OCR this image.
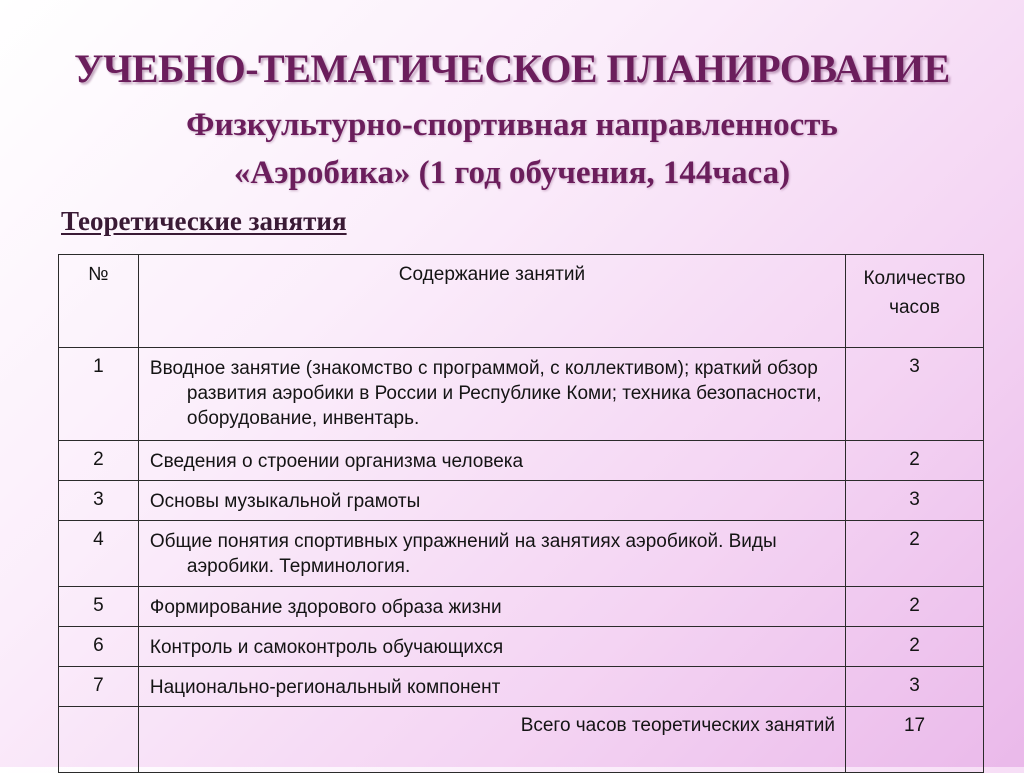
УЧЕБНО-ТЕМАТИЧЕСКОЕ ПЛАНИРОВАНИЕ
Физкультурно-спортивная направленность
«Аэробика» (1 год обучения, 144часа)
Теоретические занятия
№	Содержание занятий	Количество часов

1	Вводное занятие (знакомство с программой, с коллективом); краткий обзор развития аэробики в России и Республике Коми; техника безопасности, оборудование, инвентарь.	3
2	Сведения о строении организма человека	2
3	Основы музыкальной грамоты	3
4	Общие понятия спортивных упражнений на занятиях аэробикой. Виды аэробики. Терминология.	2
5	Формирование здорового образа жизни	2
6	Контроль и самоконтроль обучающихся	2
7	Национально-региональный компонент	3
	Всего часов теоретических занятий	17
